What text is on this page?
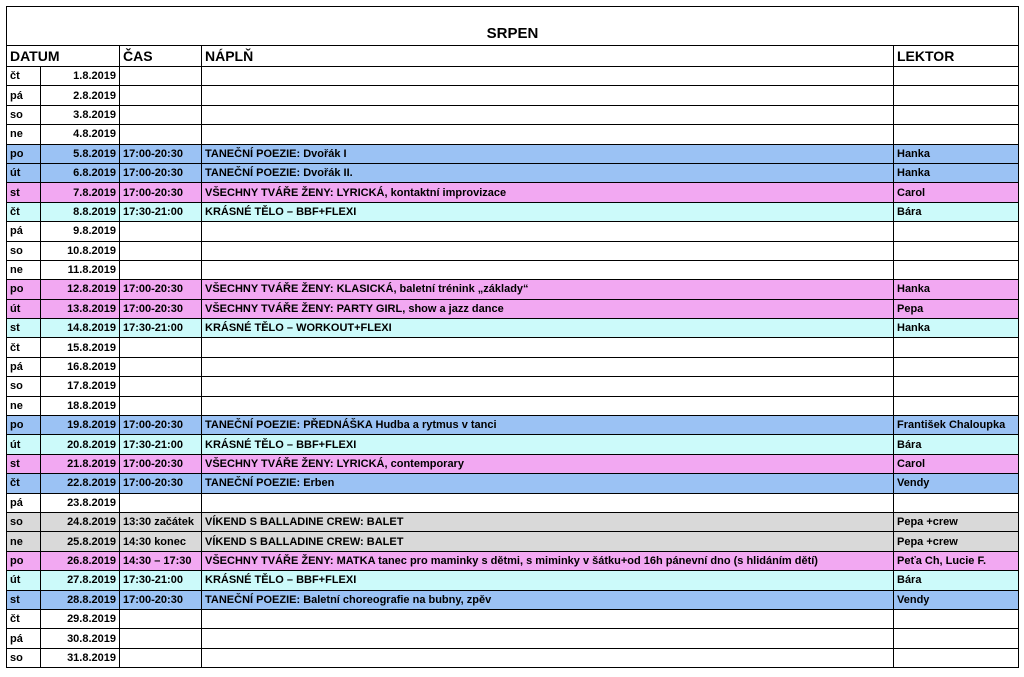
SRPEN				
DATUM		ČAS	NÁPLŇ	LEKTOR
čt	1.8.2019			
pá	2.8.2019			
so	3.8.2019			
ne	4.8.2019			
po	5.8.2019	17:00-20:30	TANEČNÍ POEZIE: Dvořák I	Hanka
út	6.8.2019	17:00-20:30	TANEČNÍ POEZIE: Dvořák II.	Hanka
st	7.8.2019	17:00-20:30	VŠECHNY TVÁŘE ŽENY: LYRICKÁ, kontaktní improvizace	Carol
čt	8.8.2019	17:30-21:00	KRÁSNÉ TĚLO – BBF+FLEXI	Bára
pá	9.8.2019			
so	10.8.2019			
ne	11.8.2019			
po	12.8.2019	17:00-20:30	VŠECHNY TVÁŘE ŽENY: KLASICKÁ, baletní trénink „základy“	Hanka
út	13.8.2019	17:00-20:30	VŠECHNY TVÁŘE ŽENY: PARTY GIRL, show a jazz dance	Pepa
st	14.8.2019	17:30-21:00	KRÁSNÉ TĚLO – WORKOUT+FLEXI	Hanka
čt	15.8.2019			
pá	16.8.2019			
so	17.8.2019			
ne	18.8.2019			
po	19.8.2019	17:00-20:30	TANEČNÍ POEZIE: PŘEDNÁŠKA Hudba a rytmus v tanci	František Chaloupka
út	20.8.2019	17:30-21:00	KRÁSNÉ TĚLO – BBF+FLEXI	Bára
st	21.8.2019	17:00-20:30	VŠECHNY TVÁŘE ŽENY: LYRICKÁ, contemporary	Carol
čt	22.8.2019	17:00-20:30	TANEČNÍ POEZIE: Erben	Vendy
pá	23.8.2019			
so	24.8.2019	13:30 začátek	VÍKEND S BALLADINE CREW: BALET	Pepa +crew
ne	25.8.2019	14:30 konec	VÍKEND S BALLADINE CREW: BALET	Pepa +crew
po	26.8.2019	14:30 – 17:30	VŠECHNY TVÁŘE ŽENY: MATKA tanec pro maminky s dětmi, s miminky v šátku+od 16h pánevní dno (s hlidáním dětí)	Peťa Ch, Lucie F.
út	27.8.2019	17:30-21:00	KRÁSNÉ TĚLO – BBF+FLEXI	Bára
st	28.8.2019	17:00-20:30	TANEČNÍ POEZIE: Baletní choreografie na bubny, zpěv	Vendy
čt	29.8.2019			
pá	30.8.2019			
so	31.8.2019			
